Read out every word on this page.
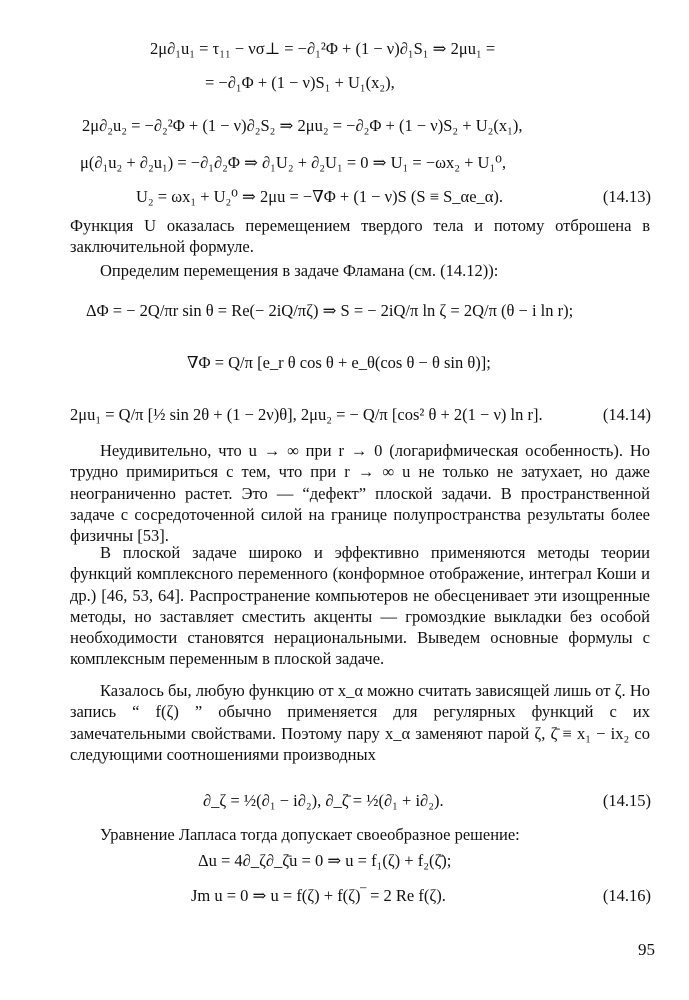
2μ∂₁u₁ = τ₁₁ − νσ⊥ = −∂₁²Φ + (1 − ν)∂₁S₁ ⇒ 2μu₁ =
= −∂₁Φ + (1 − ν)S₁ + U₁(x₂),
2μ∂₂u₂ = −∂₂²Φ + (1 − ν)∂₂S₂ ⇒ 2μu₂ = −∂₂Φ + (1 − ν)S₂ + U₂(x₁),
μ(∂₁u₂ + ∂₂u₁) = −∂₁∂₂Φ ⇒ ∂₁U₂ + ∂₂U₁ = 0 ⇒ U₁ = −ωx₂ + U₁⁰,
U₂ = ωx₁ + U₂⁰ ⇒ 2μu = −∇Φ + (1 − ν)S (S ≡ S_αe_α).	(14.13)
Функция U оказалась перемещением твердого тела и потому отброшена в заключительной формуле.
Определим перемещения в задаче Фламана (см. (14.12)):
ΔΦ = − 2Q/πr sin θ = Re(− 2iQ/πζ) ⇒ S = − 2iQ/π ln ζ = 2Q/π (θ − i ln r);
∇Φ = Q/π [e_r θ cos θ + e_θ(cos θ − θ sin θ)];
2μu₁ = Q/π [½ sin 2θ + (1 − 2ν)θ], 2μu₂ = − Q/π [cos² θ + 2(1 − ν) ln r].	(14.14)
Неудивительно, что u → ∞ при r → 0 (логарифмическая особенность). Но трудно примириться с тем, что при r → ∞ u не только не затухает, но даже неограниченно растет. Это — “дефект” плоской задачи. В пространственной задаче с сосредоточенной силой на границе полупространства результаты более физичны [53].
В плоской задаче широко и эффективно применяются методы теории функций комплексного переменного (конформное отображение, интеграл Коши и др.) [46, 53, 64]. Распространение компьютеров не обесценивает эти изощренные методы, но заставляет сместить акценты — громоздкие выкладки без особой необходимости становятся нерациональными. Выведем основные формулы с комплексным переменным в плоской задаче.
Казалось бы, любую функцию от x_α можно считать зависящей лишь от ζ. Но запись “ f(ζ) ” обычно применяется для регулярных функций с их замечательными свойствами. Поэтому пару x_α заменяют парой ζ, ζ̄ ≡ x₁ − ix₂ со следующими соотношениями производных
∂_ζ = ½(∂₁ − i∂₂), ∂_ζ̄ = ½(∂₁ + i∂₂).	(14.15)
Уравнение Лапласа тогда допускает своеобразное решение:
Δu = 4∂_ζ∂_ζ̄u = 0 ⇒ u = f₁(ζ) + f₂(ζ̄);
Jm u = 0 ⇒ u = f(ζ) + f(ζ)‾ = 2 Re f(ζ).	(14.16)
95
